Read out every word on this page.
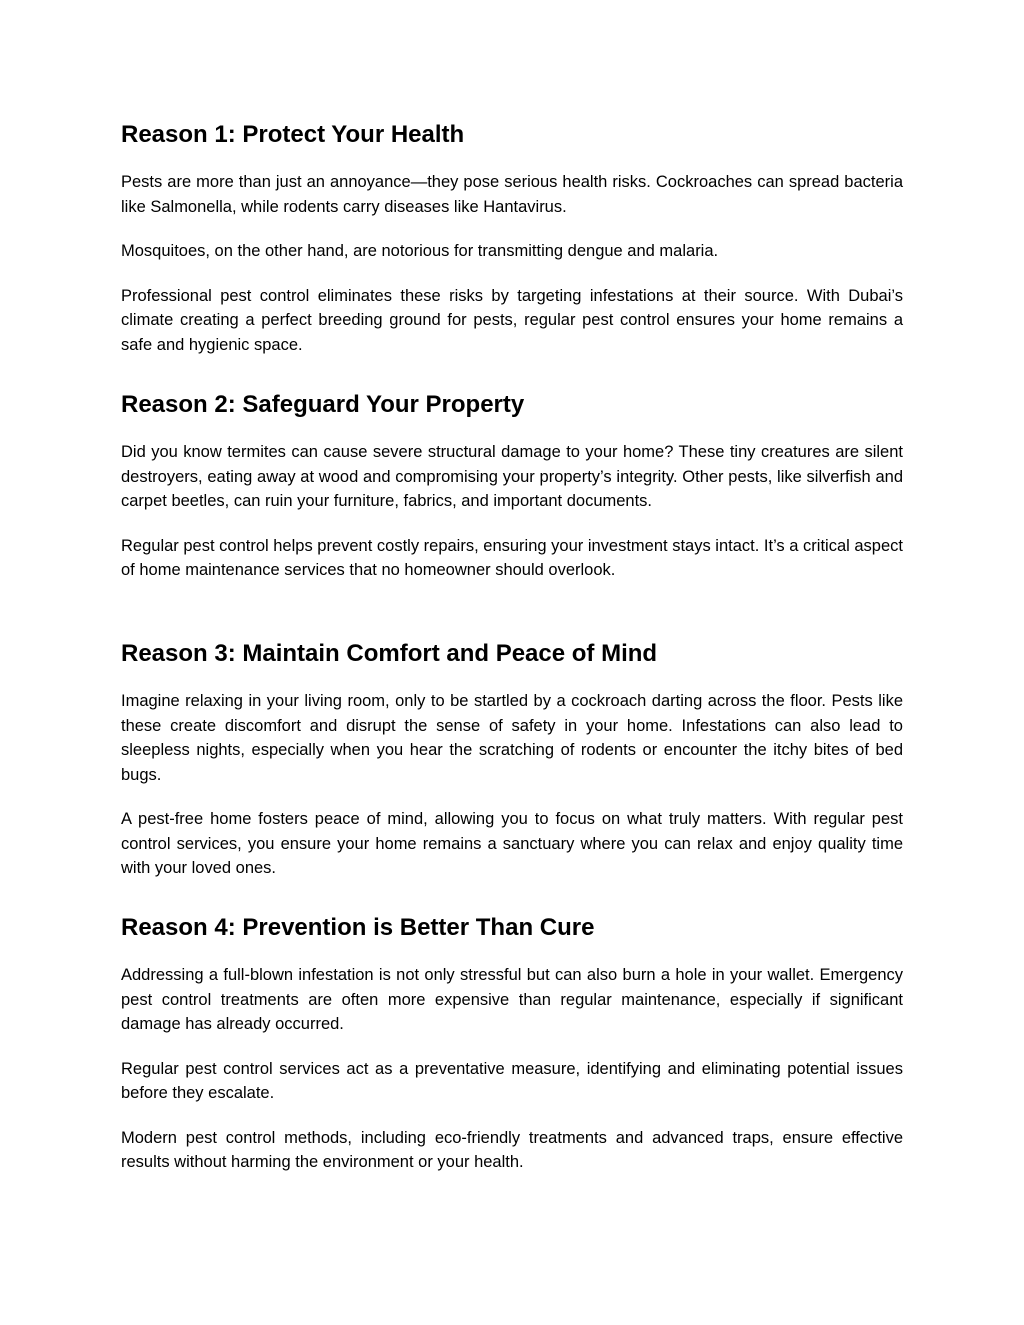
Reason 1: Protect Your Health

Pests are more than just an annoyance—they pose serious health risks. Cockroaches can spread bacteria like Salmonella, while rodents carry diseases like Hantavirus.

Mosquitoes, on the other hand, are notorious for transmitting dengue and malaria.

Professional pest control eliminates these risks by targeting infestations at their source. With Dubai’s climate creating a perfect breeding ground for pests, regular pest control ensures your home remains a safe and hygienic space.

Reason 2: Safeguard Your Property

Did you know termites can cause severe structural damage to your home? These tiny creatures are silent destroyers, eating away at wood and compromising your property’s integrity. Other pests, like silverfish and carpet beetles, can ruin your furniture, fabrics, and important documents.

Regular pest control helps prevent costly repairs, ensuring your investment stays intact. It’s a critical aspect of home maintenance services that no homeowner should overlook.

Reason 3: Maintain Comfort and Peace of Mind

Imagine relaxing in your living room, only to be startled by a cockroach darting across the floor. Pests like these create discomfort and disrupt the sense of safety in your home. Infestations can also lead to sleepless nights, especially when you hear the scratching of rodents or encounter the itchy bites of bed bugs.

A pest-free home fosters peace of mind, allowing you to focus on what truly matters. With regular pest control services, you ensure your home remains a sanctuary where you can relax and enjoy quality time with your loved ones.

Reason 4: Prevention is Better Than Cure

Addressing a full-blown infestation is not only stressful but can also burn a hole in your wallet. Emergency pest control treatments are often more expensive than regular maintenance, especially if significant damage has already occurred.

Regular pest control services act as a preventative measure, identifying and eliminating potential issues before they escalate.

Modern pest control methods, including eco-friendly treatments and advanced traps, ensure effective results without harming the environment or your health.
